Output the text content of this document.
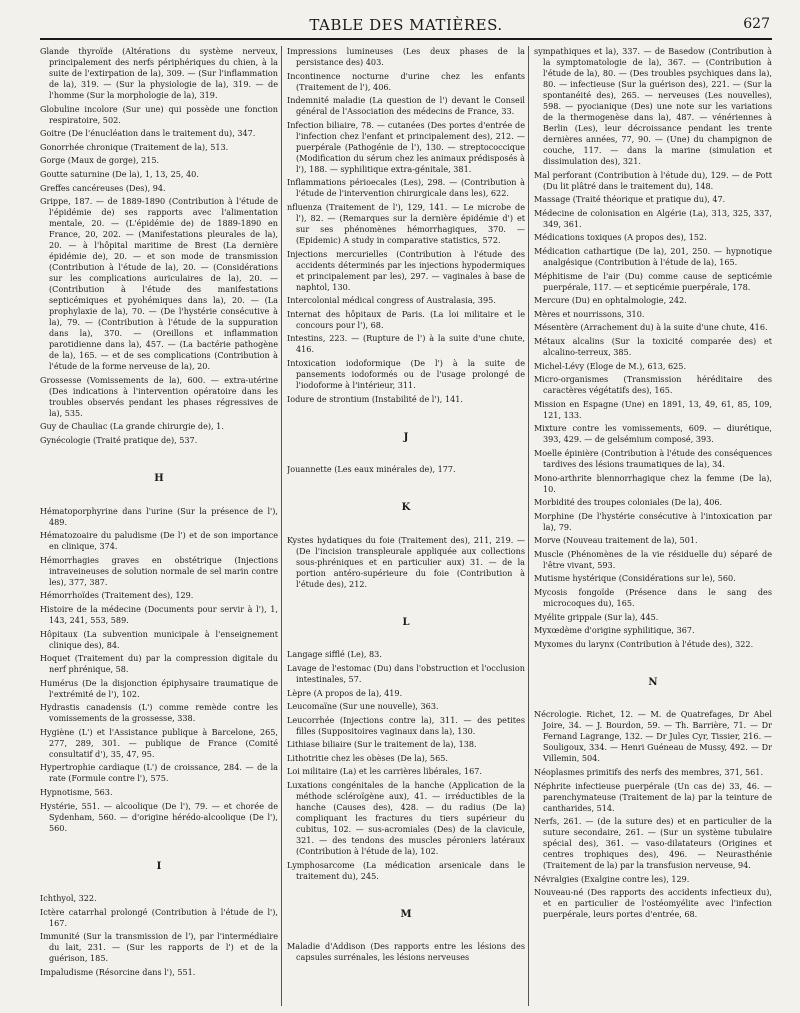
TABLE DES MATIÈRES.	627
Glande thyroïde (Altérations du système nerveux, principalement des nerfs périphériques du chien, à la suite de l'extirpation de la), 309. — (Sur l'inflammation de la), 319. — (Sur la physiologie de la), 319. — de l'homme (Sur la morphologie de la), 319.
Globuline incolore (Sur une) qui possède une fonction respiratoire, 502.
Goitre (De l'énucléation dans le traitement du), 347.
Gonorrhée chronique (Traitement de la), 513.
Gorge (Maux de gorge), 215.
Goutte saturnine (De la), 1, 13, 25, 40.
Greffes cancéreuses (Des), 94.
Grippe, 187. — de 1889-1890 (Contribution à l'étude de l'épidémie de) ses rapports avec l'alimentation mentale, 20. — (L'épidémie de) de 1889-1890 en France, 20, 202. — (Manifestations pleurales de la), 20. — à l'hôpital maritime de Brest (La dernière épidémie de), 20. — et son mode de transmission (Contribution à l'étude de la), 20. — (Considérations sur les complications auriculaires de la), 20. — (Contribution à l'étude des manifestations septicémiques et pyohémiques dans la), 20. — (La prophylaxie de la), 70. — (De l'hystérie consécutive à la), 79. — (Contribution à l'étude de la suppuration dans la), 370. — (Oreillons et inflammation parotidienne dans la), 457. — (La bactérie pathogène de la), 165. — et de ses complications (Contribution à l'étude de la forme nerveuse de la), 20.
Grossesse (Vomissements de la), 600. — extra-utérine (Des indications à l'intervention opératoire dans les troubles observés pendant les phases régressives de la), 535.
Guy de Chauliac (La grande chirurgie de), 1.
Gynécologie (Traité pratique de), 537.
H
Hématoporphyrine dans l'urine (Sur la présence de l'), 489.
Hématozoaire du paludisme (De l') et de son importance en clinique, 374.
Hémorrhagies graves en obstétrique (Injections intraveineuses de solution normale de sel marin contre les), 377, 387.
Hémorrhoïdes (Traitement des), 129.
Histoire de la médecine (Documents pour servir à l'), 1, 143, 241, 553, 589.
Hôpitaux (La subvention municipale à l'enseignement clinique des), 84.
Hoquet (Traitement du) par la compression digitale du nerf phrénique, 58.
Humérus (De la disjonction épiphysaire traumatique de l'extrémité de l'), 102.
Hydrastis canadensis (L') comme remède contre les vomissements de la grossesse, 338.
Hygiène (L') et l'Assistance publique à Barcelone, 265, 277, 289, 301. — publique de France (Comité consultatif d'), 35, 47, 95.
Hypertrophie cardiaque (L') de croissance, 284. — de la rate (Formule contre l'), 575.
Hypnotisme, 563.
Hystérie, 551. — alcoolique (De l'), 79. — et chorée de Sydenham, 560. — d'origine hérédo-alcoolique (De l'), 560.
I
Ichthyol, 322.
Ictère catarrhal prolongé (Contribution à l'étude de l'), 167.
Immunité (Sur la transmission de l'), par l'intermédiaire du lait, 231. — (Sur les rapports de l') et de la guérison, 185.
Impaludisme (Résorcine dans l'), 551.
Impressions lumineuses (Les deux phases de la persistance des) 403.
Incontinence nocturne d'urine chez les enfants (Traitement de l'), 406.
Indemnité maladie (La question de l') devant le Conseil général de l'Association des médecins de France, 33.
Infection biliaire, 78. — cutanées (Des portes d'entrée de l'infection chez l'enfant et principalement des), 212. — puerpérale (Pathogénie de l'), 130. — streptococcique (Modification du sérum chez les animaux prédisposés à l'), 188. — syphilitique extra-génitale, 381.
Inflammations périoecales (Les), 298. — (Contribution à l'étude de l'intervention chirurgicale dans les), 622.
nfluenza (Traitement de l'), 129, 141. — Le microbe de l'), 82. — (Remarques sur la dernière épidémie d') et sur ses phénomènes hémorrhagiques, 370. — (Epidemic) A study in comparative statistics, 572.
Injections mercurielles (Contribution à l'étude des accidents déterminés par les injections hypodermiques et principalement par les), 297. — vaginales à base de naphtol, 130.
Intercolonial médical congress of Australasia, 395.
Internat des hôpitaux de Paris. (La loi militaire et le concours pour l'), 68.
Intestins, 223. — (Rupture de l') à la suite d'une chute, 416.
Intoxication iodoformique (De l') à la suite de pansements iodoformés ou de l'usage prolongé de l'iodoforme à l'intérieur, 311.
Iodure de strontium (Instabilité de l'), 141.
J
Jouannette (Les eaux minérales de), 177.
K
Kystes hydatiques du foie (Traitement des), 211, 219. — (De l'incision transpleurale appliquée aux collections sous-phréniques et en particulier aux) 31. — de la portion antéro-supérieure du foie (Contribution à l'étude des), 212.
L
Langage sifflé (Le), 83.
Lavage de l'estomac (Du) dans l'obstruction et l'occlusion intestinales, 57.
Lèpre (A propos de la), 419.
Leucomaïne (Sur une nouvelle), 363.
Leucorrhée (Injections contre la), 311. — des petites filles (Suppositoires vaginaux dans la), 130.
Lithiase biliaire (Sur le traitement de la), 138.
Lithotritie chez les obèses (De la), 565.
Loi militaire (La) et les carrières libérales, 167.
Luxations congénitales de la hanche (Application de la méthode scléroïgène aux), 41. — irréductibles de la hanche (Causes des), 428. — du radius (De la) compliquant les fractures du tiers supérieur du cubitus, 102. — sus-acromiales (Des) de la clavicule, 321. — des tendons des muscles péroniers latéraux (Contribution à l'étude de la), 102.
Lymphosarcome (La médication arsenicale dans le traitement du), 245.
M
Maladie d'Addison (Des rapports entre les lésions des capsules surrénales, les lésions nerveuses
sympathiques et la), 337. — de Basedow (Contribution à la symptomatologie de la), 367. — (Contribution à l'étude de la), 80. — (Des troubles psychiques dans la), 80. — infectieuse (Sur la guérison des), 221. — (Sur la spontanéité des), 265. — nerveuses (Les nouvelles), 598. — pyocianique (Des) une note sur les variations de la thermogenèse dans la), 487. — vénériennes à Berlin (Les), leur décroissance pendant les trente dernières années, 77, 90. — (Une) du champignon de couche, 117. — dans la marine (simulation et dissimulation des), 321.
Mal perforant (Contribution à l'étude du), 129. — de Pott (Du lit plâtré dans le traitement du), 148.
Massage (Traité théorique et pratique du), 47.
Médecine de colonisation en Algérie (La), 313, 325, 337, 349, 361.
Médications toxiques (A propos des), 152.
Médication cathartique (De la), 201, 250. — hypnotique analgésique (Contribution à l'étude de la), 165.
Méphitisme de l'air (Du) comme cause de septicémie puerpérale, 117. — et septicémie puerpérale, 178.
Mercure (Du) en ophtalmologie, 242.
Mères et nourrissons, 310.
Mésentère (Arrachement du) à la suite d'une chute, 416.
Métaux alcalins (Sur la toxicité comparée des) et alcalino-terreux, 385.
Michel-Lévy (Eloge de M.), 613, 625.
Micro-organismes (Transmission héréditaire des caractères végétatifs des), 165.
Mission en Espagne (Une) en 1891, 13, 49, 61, 85, 109, 121, 133.
Mixture contre les vomissements, 609. — diurétique, 393, 429. — de gelsémium composé, 393.
Moelle épinière (Contribution à l'étude des conséquences tardives des lésions traumatiques de la), 34.
Mono-arthrite blennorrhagique chez la femme (De la), 10.
Morbidité des troupes coloniales (De la), 406.
Morphine (De l'hystérie consécutive à l'intoxication par la), 79.
Morve (Nouveau traitement de la), 501.
Muscle (Phénomènes de la vie résiduelle du) séparé de l'être vivant, 593.
Mutisme hystérique (Considérations sur le), 560.
Mycosis fongoïde (Présence dans le sang des microcoques du), 165.
Myélite grippale (Sur la), 445.
Myxœdème d'origine syphilitique, 367.
Myxomes du larynx (Contribution à l'étude des), 322.
N
Nécrologie. Richet, 12. — M. de Quatrefages, Dr Abel Joire, 34. — J. Bourdon, 59. — Th. Barrière, 71. — Dr Fernand Lagrange, 132. — Dr Jules Cyr, Tissier, 216. — Souligoux, 334. — Henri Guéneau de Mussy, 492. — Dr Villemin, 504.
Néoplasmes primitifs des nerfs des membres, 371, 561.
Néphrite infectieuse puerpérale (Un cas de) 33, 46. — parenchymateuse (Traitement de la) par la teinture de cantharides, 514.
Nerfs, 261. — (de la suture des) et en particulier de la suture secondaire, 261. — (Sur un système tubulaire spécial des), 361. — vaso-dilatateurs (Origines et centres trophiques des), 496. — Neurasthénie (Traitement de la) par la transfusion nerveuse, 94.
Névralgies (Exalgine contre les), 129.
Nouveau-né (Des rapports des accidents infectieux du), et en particulier de l'ostéomyélite avec l'infection puerpérale, leurs portes d'entrée, 68.
